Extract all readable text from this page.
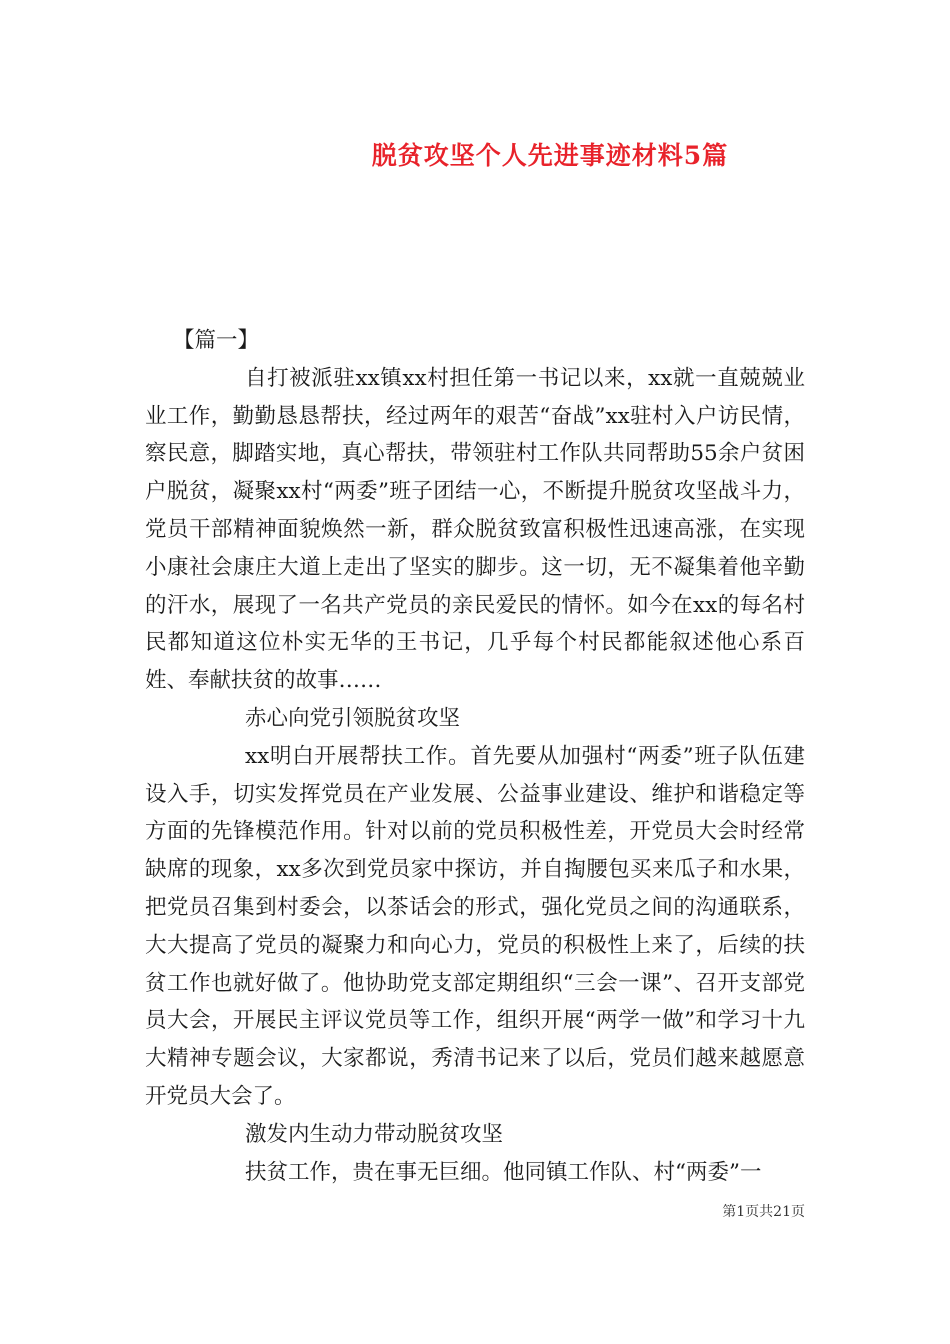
脱贫攻坚个人先进事迹材料5篇

【篇一】

自打被派驻xx镇xx村担任第一书记以来，xx就一直兢兢业业工作，勤勤恳恳帮扶，经过两年的艰苦“奋战”xx驻村入户访民情，察民意，脚踏实地，真心帮扶，带领驻村工作队共同帮助55余户贫困户脱贫，凝聚xx村“两委”班子团结一心，不断提升脱贫攻坚战斗力，党员干部精神面貌焕然一新，群众脱贫致富积极性迅速高涨，在实现小康社会康庄大道上走出了坚实的脚步。这一切，无不凝集着他辛勤的汗水，展现了一名共产党员的亲民爱民的情怀。如今在xx的每名村民都知道这位朴实无华的王书记，几乎每个村民都能叙述他心系百姓、奉献扶贫的故事……

赤心向党引领脱贫攻坚

xx明白开展帮扶工作。首先要从加强村“两委”班子队伍建设入手，切实发挥党员在产业发展、公益事业建设、维护和谐稳定等方面的先锋模范作用。针对以前的党员积极性差，开党员大会时经常缺席的现象，xx多次到党员家中探访，并自掏腰包买来瓜子和水果，把党员召集到村委会，以茶话会的形式，强化党员之间的沟通联系，大大提高了党员的凝聚力和向心力，党员的积极性上来了，后续的扶贫工作也就好做了。他协助党支部定期组织“三会一课”、召开支部党员大会，开展民主评议党员等工作，组织开展“两学一做”和学习十九大精神专题会议，大家都说，秀清书记来了以后，党员们越来越愿意开党员大会了。

激发内生动力带动脱贫攻坚

扶贫工作，贵在事无巨细。他同镇工作队、村“两委”一

第1页共21页
